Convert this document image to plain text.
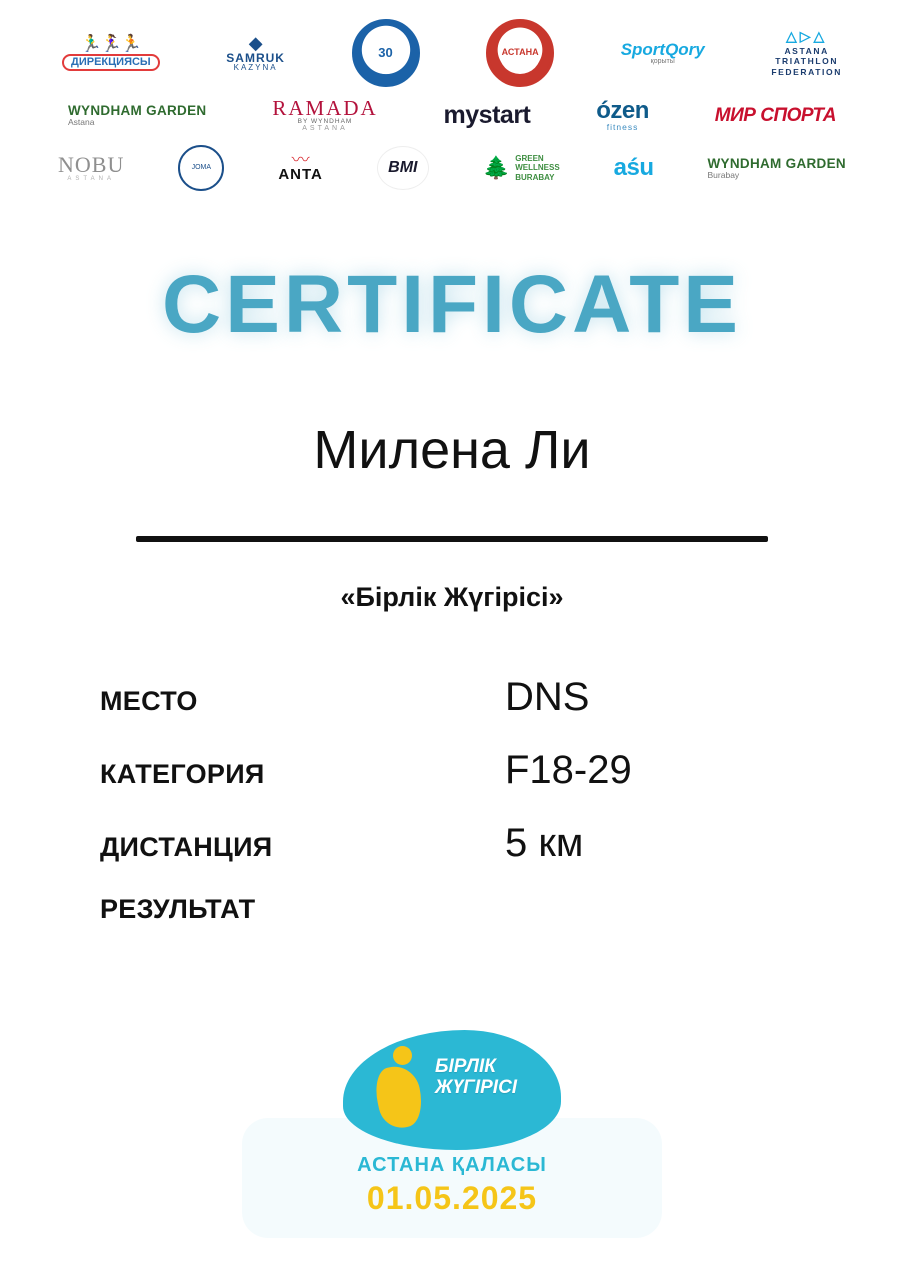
🏃‍♂️🏃‍♀️🏃
ДИРЕКЦИЯСЫ
◆
SAMRUK
KAZYNA
30	АСТАНА	SportQory
қорыты
△▷△
ASTANA
TRIATHLON
FEDERATION
WYNDHAM GARDEN
Astana
RAMADA
BY WYNDHAM
ASTANA
mystart	ózen
fitness
МИР СПОРТА
NOBU
ASTANA
JOMA	〰
ANTA	BMI	🌲 GREEN
WELLNESS
BURABAY aśu	WYNDHAM GARDEN
Burabay
CERTIFICATE
Милена Ли
«Бірлік Жүгірісі»
МЕСТО	DNS
КАТЕГОРИЯ	F18-29
ДИСТАНЦИЯ	5 км
РЕЗУЛЬТАТ
БІРЛІК
ЖҮГІРІСІ
АСТАНА ҚАЛАСЫ
01.05.2025
